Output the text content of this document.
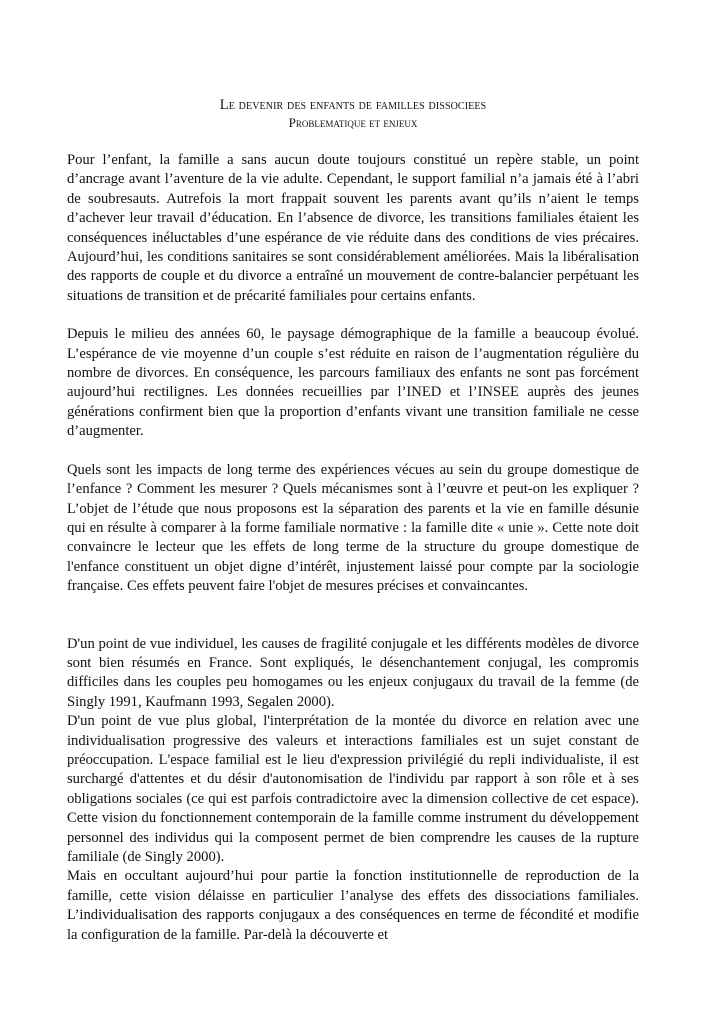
Le devenir des enfants de familles dissociees
Problematique et enjeux

Pour l’enfant, la famille a sans aucun doute toujours constitué un repère stable, un point d’ancrage avant l’aventure de la vie adulte. Cependant, le support familial n’a jamais été à l’abri de soubresauts. Autrefois la mort frappait souvent les parents avant qu’ils n’aient le temps d’achever leur travail d’éducation. En l’absence de divorce, les transitions familiales étaient les conséquences inéluctables d’une espérance de vie réduite dans des conditions de vies précaires. Aujourd’hui, les conditions sanitaires se sont considérablement améliorées. Mais la libéralisation des rapports de couple et du divorce a entraîné un mouvement de contre-balancier perpétuant les situations de transition et de précarité familiales pour certains enfants.

Depuis le milieu des années 60, le paysage démographique de la famille a beaucoup évolué. L’espérance de vie moyenne d’un couple s’est réduite en raison de l’augmentation régulière du nombre de divorces. En conséquence, les parcours familiaux des enfants ne sont pas forcément aujourd’hui rectilignes. Les données recueillies par l’INED et l’INSEE auprès des jeunes générations confirment bien que la proportion d’enfants vivant une transition familiale ne cesse d’augmenter.

Quels sont les impacts de long terme des expériences vécues au sein du groupe domestique de l’enfance ? Comment les mesurer ? Quels mécanismes sont à l’œuvre et peut-on les expliquer ? L’objet de l’étude que nous proposons est la séparation des parents et la vie en famille désunie qui en résulte à comparer à la forme familiale normative : la famille dite « unie ». Cette note doit convaincre le lecteur que les effets de long terme de la structure du groupe domestique de l'enfance constituent un objet digne d’intérêt, injustement laissé pour compte par la sociologie française. Ces effets peuvent faire l'objet de mesures précises et convaincantes.

D'un point de vue individuel, les causes de fragilité conjugale et les différents modèles de divorce sont bien résumés en France. Sont expliqués, le désenchantement conjugal, les compromis difficiles dans les couples peu homogames ou les enjeux conjugaux du travail de la femme (de Singly 1991, Kaufmann 1993, Segalen 2000).

D'un point de vue plus global, l'interprétation de la montée du divorce en relation avec une individualisation progressive des valeurs et interactions familiales est un sujet constant de préoccupation. L'espace familial est le lieu d'expression privilégié du repli individualiste, il est surchargé d'attentes et du désir d'autonomisation de l'individu par rapport à son rôle et à ses obligations sociales (ce qui est parfois contradictoire avec la dimension collective de cet espace). Cette vision du fonctionnement contemporain de la famille comme instrument du développement personnel des individus qui la composent permet de bien comprendre les causes de la rupture familiale (de Singly 2000).

Mais en occultant aujourd’hui pour partie la fonction institutionnelle de reproduction de la famille, cette vision délaisse en particulier l’analyse des effets des dissociations familiales. L’individualisation des rapports conjugaux a des conséquences en terme de fécondité et modifie la configuration de la famille. Par-delà la découverte et
